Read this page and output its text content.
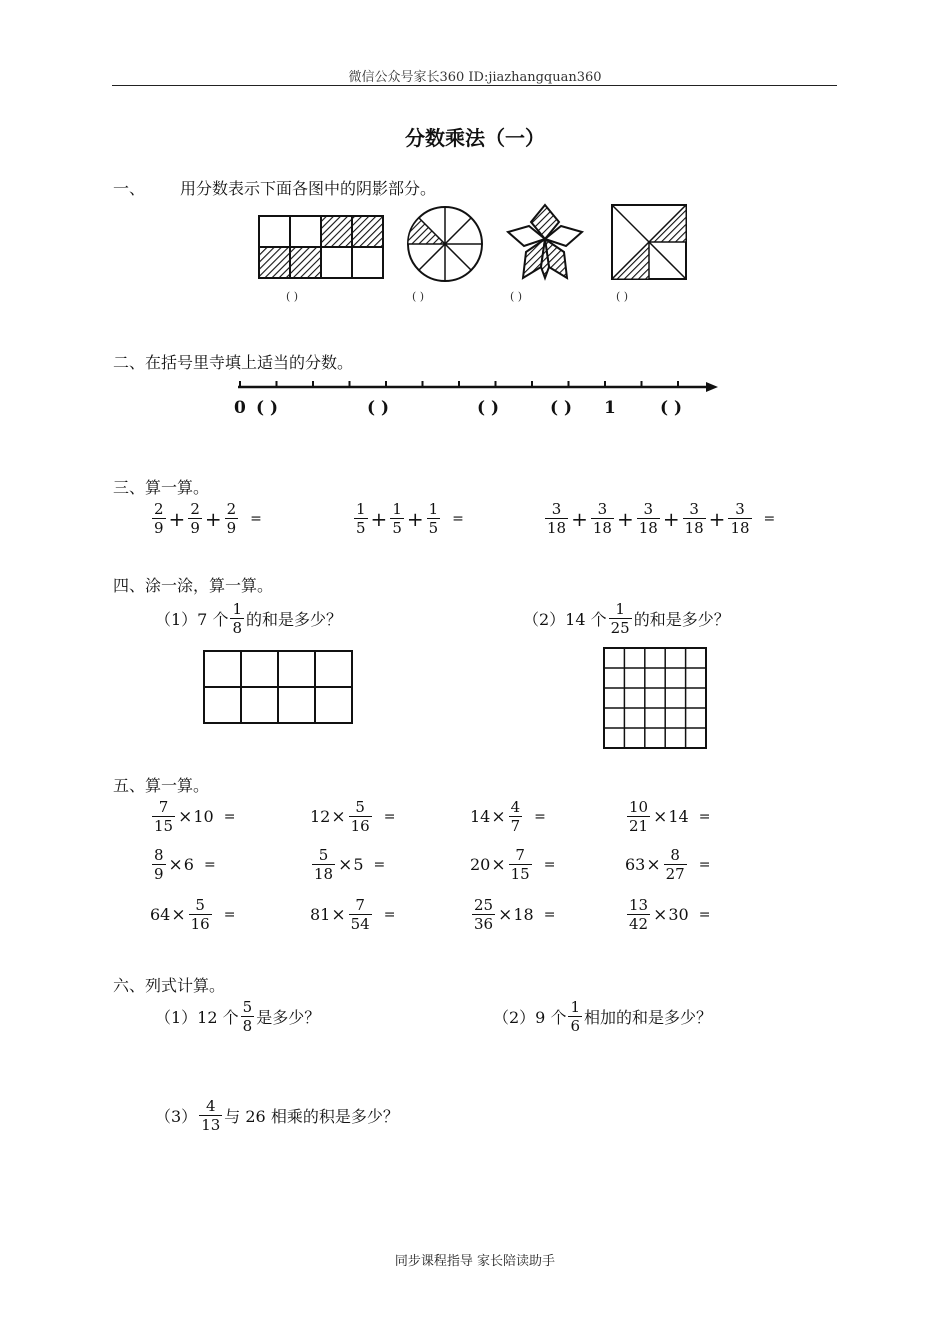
微信公众号家长360 ID:jiazhangquan360
分数乘法（一）
一、 用分数表示下面各图中的阴影部分。
( )	( )	( )	( )
二、在括号里寺填上适当的分数。
0 ( )	( )	( )	( ) 1	( )
三、算一算。
$\frac{2}{9} + \frac{2}{9} + \frac{2}{9}$ =	$\frac{1}{5} + \frac{1}{5} + \frac{1}{5}$ =	$\frac{3}{18} + \frac{3}{18} + \frac{3}{18} + \frac{3}{18} + \frac{3}{18}$ =
四、涂一涂，算一算。
（1）7 个 $\frac{1}{8}$ 的和是多少？	（2）14 个 $\frac{1}{25}$ 的和是多少？
五、算一算。
$\frac{7}{15} \times 10$ =	$12 \times \frac{5}{16}$ =	$14 \times \frac{4}{7}$ =	$\frac{10}{21} \times 14$ =
$\frac{8}{9} \times 6$ =	$\frac{5}{18} \times 5$ =	$20 \times \frac{7}{15}$ =	$63 \times \frac{8}{27}$ =
$64 \times \frac{5}{16}$ =	$81 \times \frac{7}{54}$ =	$\frac{25}{36} \times 18$ =	$\frac{13}{42} \times 30$ =
六、列式计算。
（1）12 个 $\frac{5}{8}$ 是多少？	（2）9 个 $\frac{1}{6}$ 相加的和是多少？
$(3) \frac{4}{13}$ 与 26 相乘的积是多少？
同步课程指导 家长陪读助手
